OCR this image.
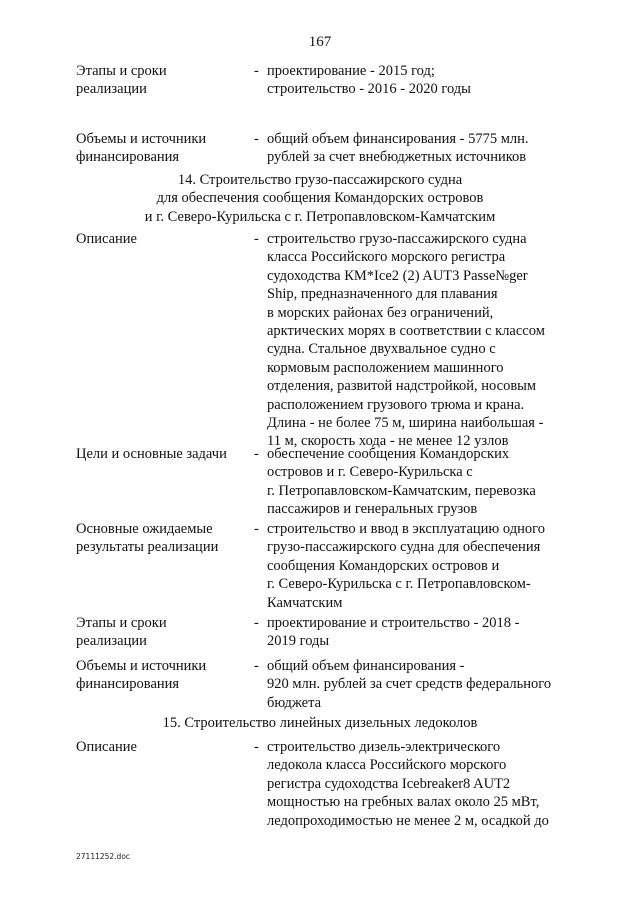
167
Этапы и сроки
реализации
- проектирование - 2015 год;
строительство - 2016 - 2020 годы
Объемы и источники
финансирования
- общий объем финансирования - 5775 млн.
рублей за счет внебюджетных источников
14. Строительство грузо-пассажирского судна
для обеспечения сообщения Командорских островов
и г. Северо-Курильска с г. Петропавловском-Камчатским
Описание	- строительство грузо-пассажирского судна
класса Российского морского регистра
судоходства КМ*Ice2 (2) AUT3 Passe№ger
Ship, предназначенного для плавания
в морских районах без ограничений,
арктических морях в соответствии с классом
судна. Стальное двухвальное судно с
кормовым расположением машинного
отделения, развитой надстройкой, носовым
расположением грузового трюма и крана.
Длина - не более 75 м, ширина наибольшая -
11 м, скорость хода - не менее 12 узлов
Цели и основные задачи	- обеспечение сообщения Командорских
островов и г. Северо-Курильска с
г. Петропавловском-Камчатским, перевозка
пассажиров и генеральных грузов
Основные ожидаемые
результаты реализации
- строительство и ввод в эксплуатацию одного
грузо-пассажирского судна для обеспечения
сообщения Командорских островов и
г. Северо-Курильска с г. Петропавловском-
Камчатским
Этапы и сроки
реализации
- проектирование и строительство - 2018 -
2019 годы
Объемы и источники
финансирования
- общий объем финансирования -
920 млн. рублей за счет средств федерального
бюджета
15. Строительство линейных дизельных ледоколов
Описание	- строительство дизель-электрического
ледокола класса Российского морского
регистра судоходства Icebreaker8 AUT2
мощностью на гребных валах около 25 мВт,
ледопроходимостью не менее 2 м, осадкой до
27111252.doc
